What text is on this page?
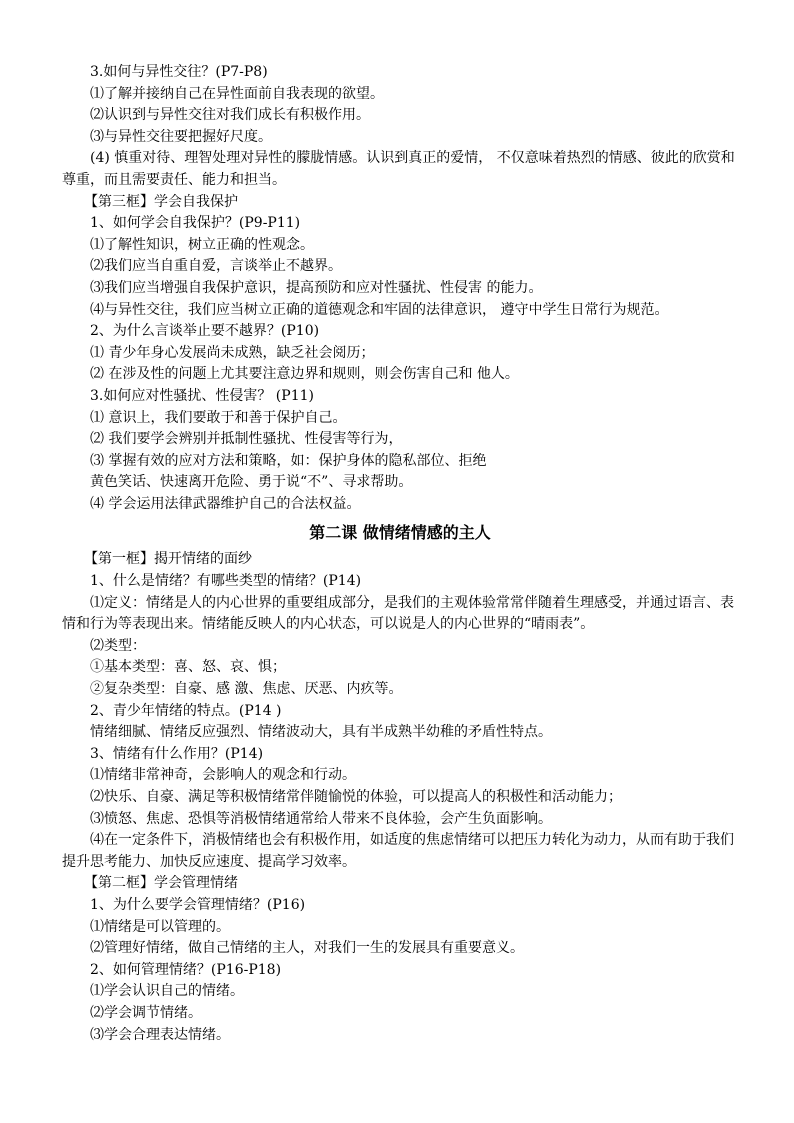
3.如何与异性交往？(P7-P8)
⑴了解并接纳自己在异性面前自我表现的欲望。
⑵认识到与异性交往对我们成长有积极作用。
⑶与异性交往要把握好尺度。
(4) 慎重对待、理智处理对异性的朦胧情感。认识到真正的爱情， 不仅意味着热烈的情感、彼此的欣赏和尊重，而且需要责任、能力和担当。
【第三框】学会自我保护
1、如何学会自我保护？(P9-P11)
⑴了解性知识，树立正确的性观念。
⑵我们应当自重自爱，言谈举止不越界。
⑶我们应当增强自我保护意识，提高预防和应对性骚扰、性侵害 的能力。
⑷与异性交往，我们应当树立正确的道德观念和牢固的法律意识， 遵守中学生日常行为规范。
2、为什么言谈举止要不越界？(P10)
⑴ 青少年身心发展尚未成熟，缺乏社会阅历；
⑵ 在涉及性的问题上尤其要注意边界和规则，则会伤害自己和 他人。
3.如何应对性骚扰、性侵害？ (P11)
⑴ 意识上，我们要敢于和善于保护自己。
⑵ 我们要学会辨别并抵制性骚扰、性侵害等行为，
⑶ 掌握有效的应对方法和策略，如：保护身体的隐私部位、拒绝
黄色笑话、快速离开危险、勇于说“不”、寻求帮助。
⑷ 学会运用法律武器维护自己的合法权益。
第二课 做情绪情感的主人
【第一框】揭开情绪的面纱
1、什么是情绪？有哪些类型的情绪？(P14)
⑴定义：情绪是人的内心世界的重要组成部分，是我们的主观体验常常伴随着生理感受，并通过语言、表情和行为等表现出来。情绪能反映人的内心状态，可以说是人的内心世界的“晴雨表”。
⑵类型：
①基本类型：喜、怒、哀、惧；
②复杂类型：自豪、感 激、焦虑、厌恶、内疚等。
2、青少年情绪的特点。(P14 )
情绪细腻、情绪反应强烈、情绪波动大，具有半成熟半幼稚的矛盾性特点。
3、情绪有什么作用？(P14)
⑴情绪非常神奇，会影响人的观念和行动。
⑵快乐、自豪、满足等积极情绪常伴随愉悦的体验，可以提高人的积极性和活动能力；
⑶愤怒、焦虑、恐惧等消极情绪通常给人带来不良体验，会产生负面影响。
⑷在一定条件下，消极情绪也会有积极作用，如适度的焦虑情绪可以把压力转化为动力，从而有助于我们提升思考能力、加快反应速度、提高学习效率。
【第二框】学会管理情绪
1、为什么要学会管理情绪？(P16)
⑴情绪是可以管理的。
⑵管理好情绪，做自己情绪的主人，对我们一生的发展具有重要意义。
2、如何管理情绪？(P16-P18)
⑴学会认识自己的情绪。
⑵学会调节情绪。
⑶学会合理表达情绪。
